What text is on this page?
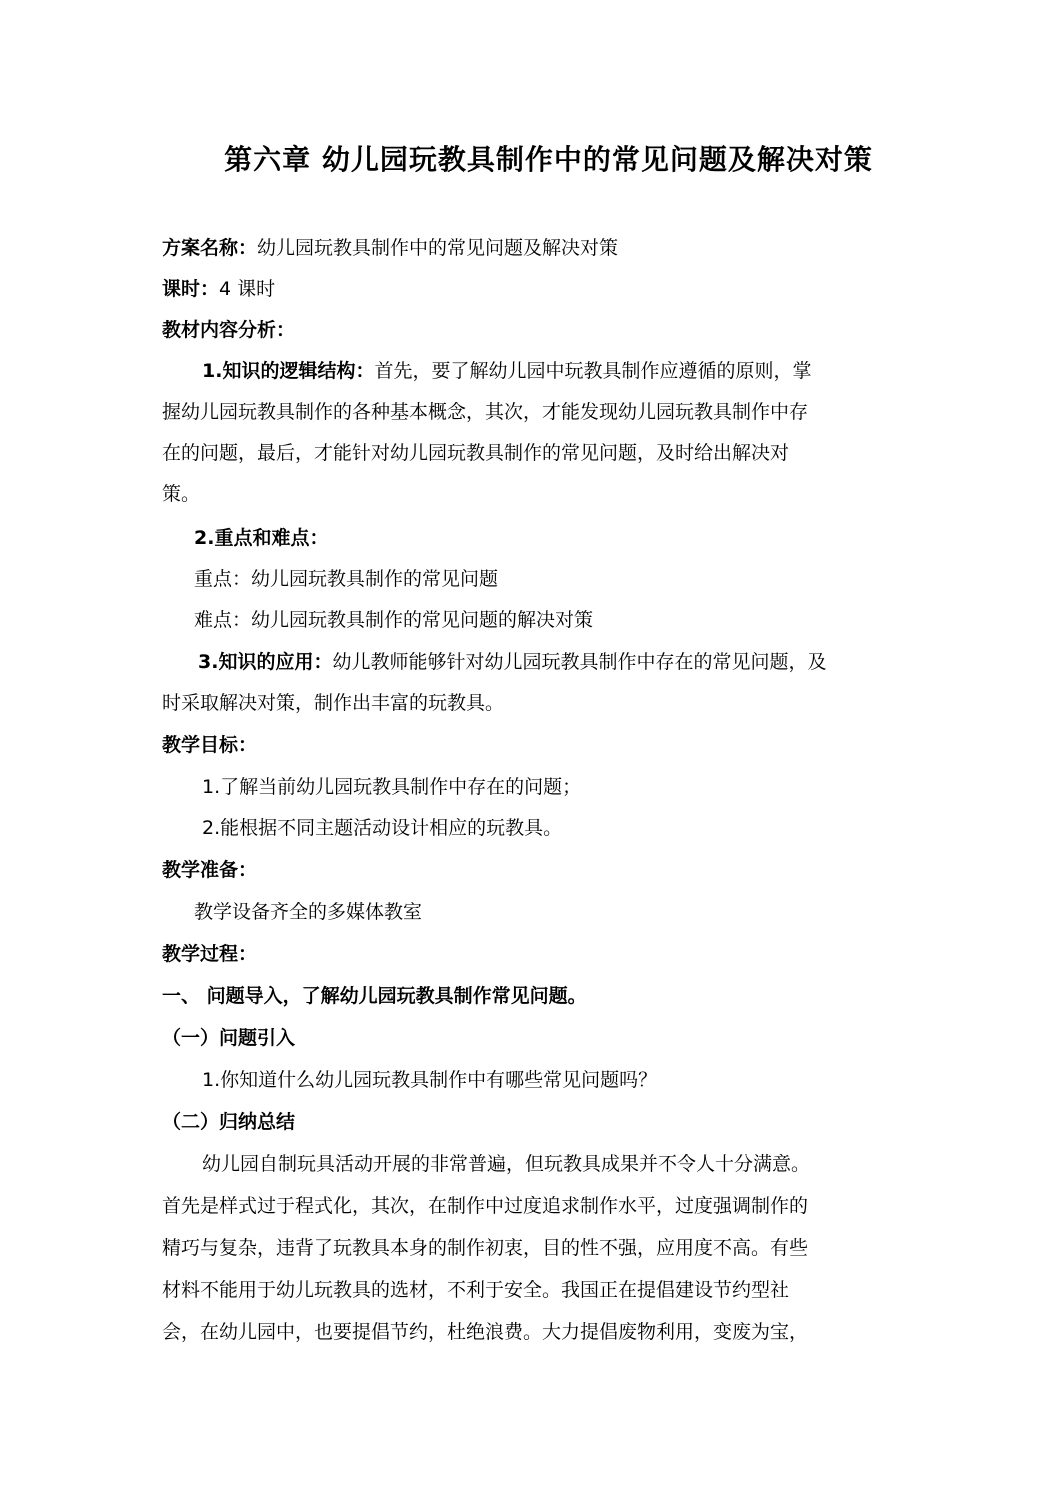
第六章 幼儿园玩教具制作中的常见问题及解决对策

方案名称：幼儿园玩教具制作中的常见问题及解决对策

课时：4 课时

教材内容分析：

1.知识的逻辑结构：首先，要了解幼儿园中玩教具制作应遵循的原则，掌

握幼儿园玩教具制作的各种基本概念，其次，才能发现幼儿园玩教具制作中存

在的问题，最后，才能针对幼儿园玩教具制作的常见问题，及时给出解决对

策。

2.重点和难点：

重点：幼儿园玩教具制作的常见问题

难点：幼儿园玩教具制作的常见问题的解决对策

3.知识的应用：幼儿教师能够针对幼儿园玩教具制作中存在的常见问题，及

时采取解决对策，制作出丰富的玩教具。

教学目标：

1.了解当前幼儿园玩教具制作中存在的问题；

2.能根据不同主题活动设计相应的玩教具。

教学准备：

教学设备齐全的多媒体教室

教学过程：

一、 问题导入，了解幼儿园玩教具制作常见问题。

（一）问题引入

1.你知道什么幼儿园玩教具制作中有哪些常见问题吗？

（二）归纳总结

幼儿园自制玩具活动开展的非常普遍，但玩教具成果并不令人十分满意。

首先是样式过于程式化，其次，在制作中过度追求制作水平，过度强调制作的

精巧与复杂，违背了玩教具本身的制作初衷，目的性不强，应用度不高。有些

材料不能用于幼儿玩教具的选材，不利于安全。我国正在提倡建设节约型社

会，在幼儿园中，也要提倡节约，杜绝浪费。大力提倡废物利用，变废为宝，
